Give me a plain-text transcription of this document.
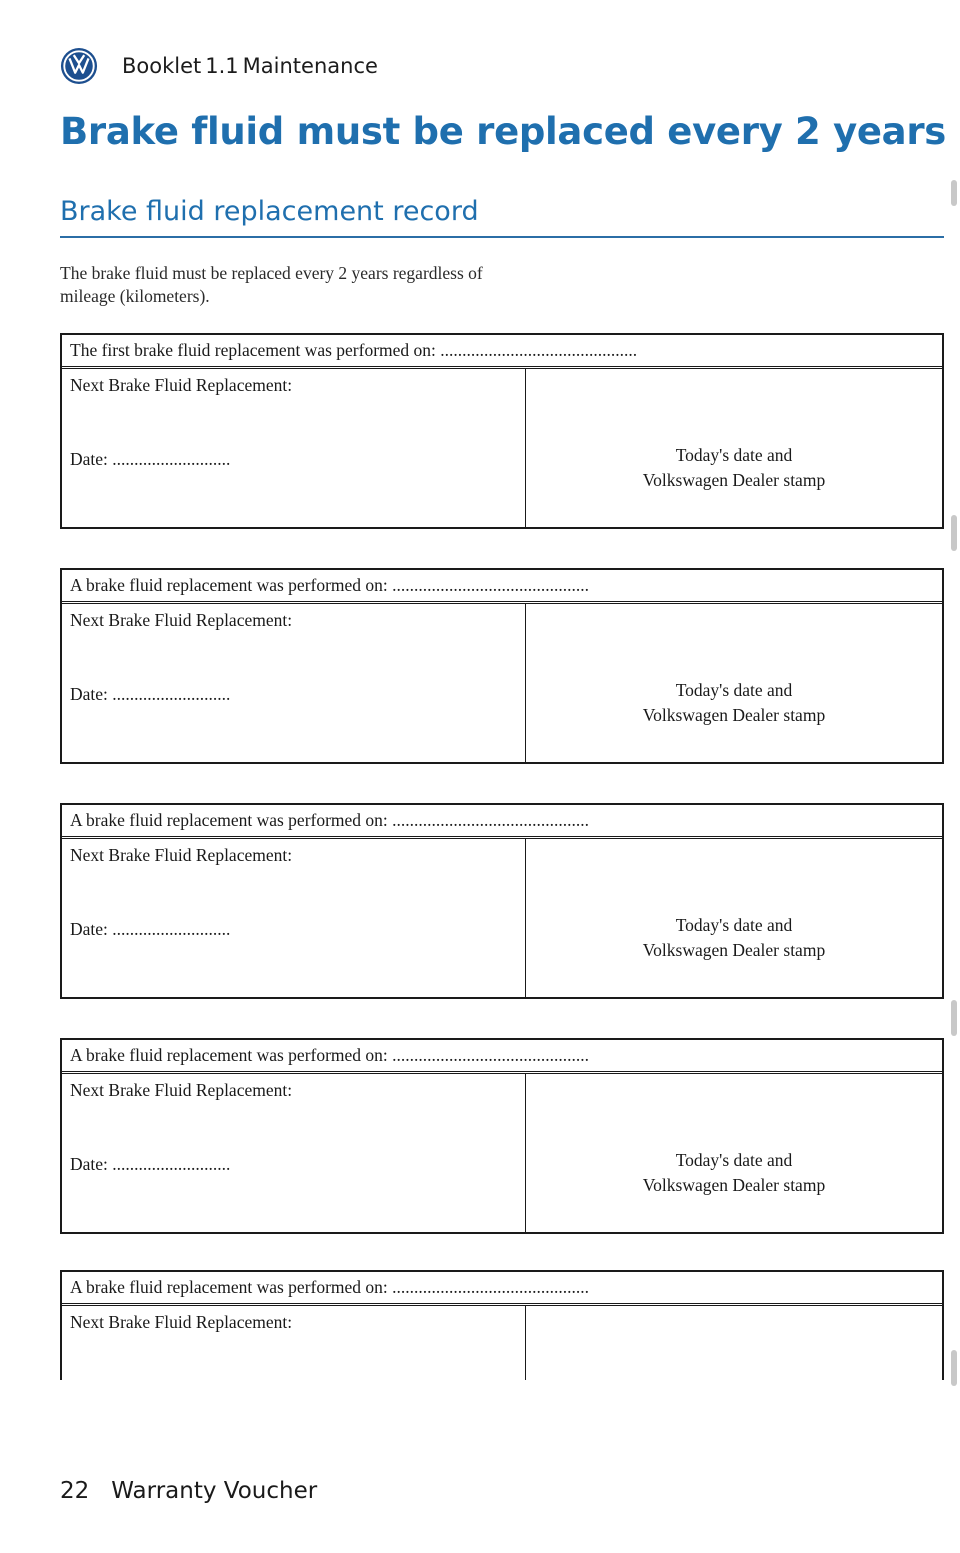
Booklet 1.1 Maintenance
Brake fluid must be replaced every 2 years
Brake fluid replacement record

The brake fluid must be replaced every 2 years regardless of mileage (kilometers).

The first brake fluid replacement was performed on: .............................................
Next Brake Fluid Replacement:
Date: ...........................	Today's date and
Volkswagen Dealer stamp
A brake fluid replacement was performed on: .............................................
Next Brake Fluid Replacement:
Date: ...........................	Today's date and
Volkswagen Dealer stamp
A brake fluid replacement was performed on: .............................................
Next Brake Fluid Replacement:
Date: ...........................	Today's date and
Volkswagen Dealer stamp
A brake fluid replacement was performed on: .............................................
Next Brake Fluid Replacement:
Date: ...........................	Today's date and
Volkswagen Dealer stamp
A brake fluid replacement was performed on: .............................................
Next Brake Fluid Replacement:
22 Warranty Voucher
